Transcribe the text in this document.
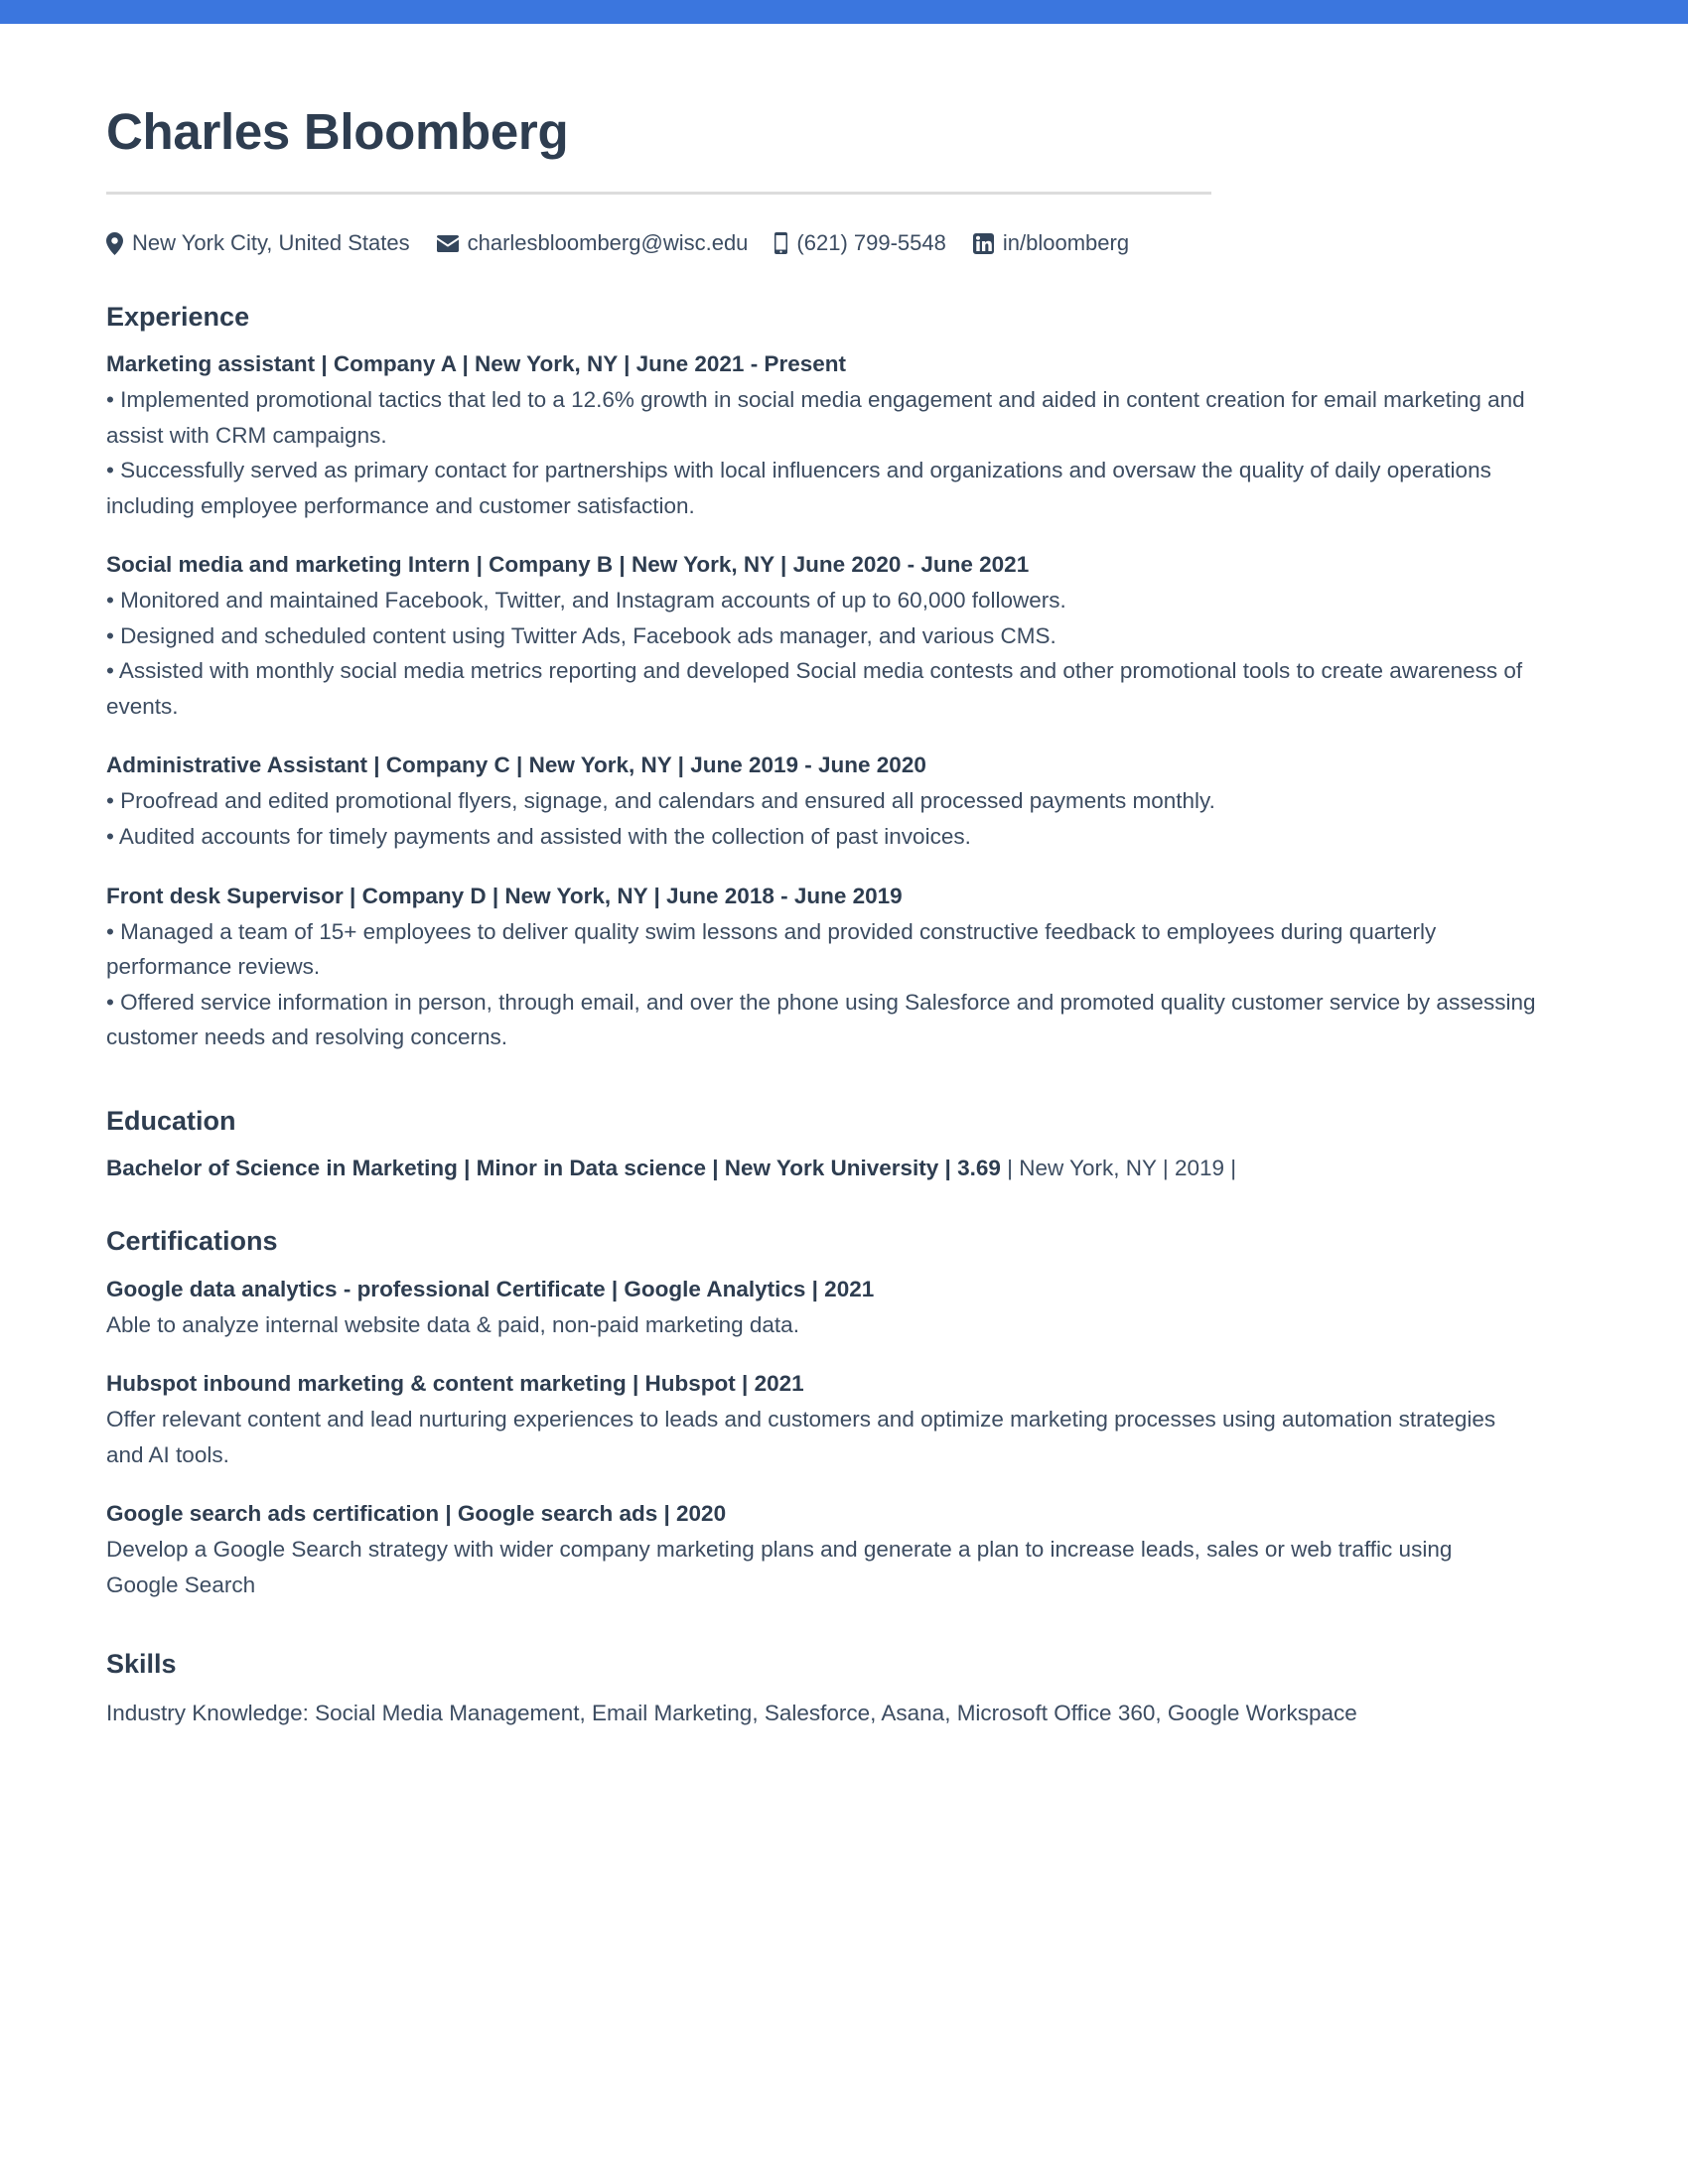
Charles Bloomberg
New York City, United States	charlesbloomberg@wisc.edu (621) 799-5548	in/bloomberg
Experience

Marketing assistant | Company A | New York, NY | June 2021 - Present

• Implemented promotional tactics that led to a 12.6% growth in social media engagement and aided in content creation for email marketing and assist with CRM campaigns.

• Successfully served as primary contact for partnerships with local influencers and organizations and oversaw the quality of daily operations including employee performance and customer satisfaction.

Social media and marketing Intern | Company B | New York, NY | June 2020 - June 2021

• Monitored and maintained Facebook, Twitter, and Instagram accounts of up to 60,000 followers.

• Designed and scheduled content using Twitter Ads, Facebook ads manager, and various CMS.

• Assisted with monthly social media metrics reporting and developed Social media contests and other promotional tools to create awareness of events.

Administrative Assistant | Company C | New York, NY | June 2019 - June 2020

• Proofread and edited promotional flyers, signage, and calendars and ensured all processed payments monthly.

• Audited accounts for timely payments and assisted with the collection of past invoices.

Front desk Supervisor | Company D | New York, NY | June 2018 - June 2019

• Managed a team of 15+ employees to deliver quality swim lessons and provided constructive feedback to employees during quarterly performance reviews.

• Offered service information in person, through email, and over the phone using Salesforce and promoted quality customer service by assessing customer needs and resolving concerns.

Education

Bachelor of Science in Marketing | Minor in Data science | New York University | 3.69 | New York, NY | 2019 |

Certifications

Google data analytics - professional Certificate | Google Analytics | 2021

Able to analyze internal website data & paid, non-paid marketing data.

Hubspot inbound marketing & content marketing | Hubspot | 2021

Offer relevant content and lead nurturing experiences to leads and customers and optimize marketing processes using automation strategies and AI tools.

Google search ads certification | Google search ads | 2020

Develop a Google Search strategy with wider company marketing plans and generate a plan to increase leads, sales or web traffic using Google Search

Skills

Industry Knowledge: Social Media Management, Email Marketing, Salesforce, Asana, Microsoft Office 360, Google Workspace
